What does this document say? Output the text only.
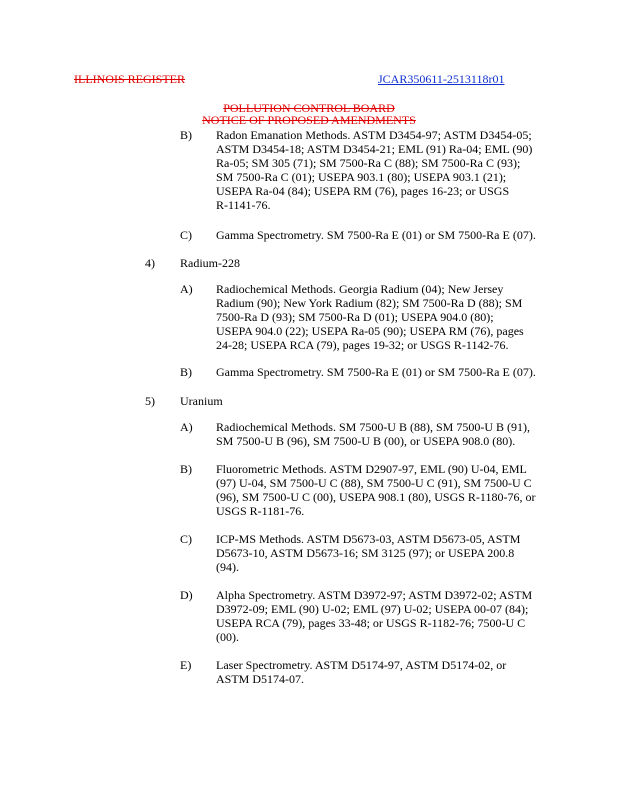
ILLINOIS REGISTER	JCAR350611-2513118r01
POLLUTION CONTROL BOARD
NOTICE OF PROPOSED AMENDMENTS
B) Radon Emanation Methods. ASTM D3454-97; ASTM D3454-05;
ASTM D3454-18; ASTM D3454-21; EML (91) Ra-04; EML (90)
Ra-05; SM 305 (71); SM 7500-Ra C (88); SM 7500-Ra C (93);
SM 7500-Ra C (01); USEPA 903.1 (80); USEPA 903.1 (21);
USEPA Ra-04 (84); USEPA RM (76), pages 16-23; or USGS
R-1141-76.
C) Gamma Spectrometry. SM 7500-Ra E (01) or SM 7500-Ra E (07).
4) Radium-228
A) Radiochemical Methods. Georgia Radium (04); New Jersey
Radium (90); New York Radium (82); SM 7500-Ra D (88); SM
7500-Ra D (93); SM 7500-Ra D (01); USEPA 904.0 (80);
USEPA 904.0 (22); USEPA Ra-05 (90); USEPA RM (76), pages
24-28; USEPA RCA (79), pages 19-32; or USGS R-1142-76.
B) Gamma Spectrometry. SM 7500-Ra E (01) or SM 7500-Ra E (07).
5) Uranium
A) Radiochemical Methods. SM 7500-U B (88), SM 7500-U B (91),
SM 7500-U B (96), SM 7500-U B (00), or USEPA 908.0 (80).
B) Fluorometric Methods. ASTM D2907-97, EML (90) U-04, EML
(97) U-04, SM 7500-U C (88), SM 7500-U C (91), SM 7500-U C
(96), SM 7500-U C (00), USEPA 908.1 (80), USGS R-1180-76, or
USGS R-1181-76.
C) ICP-MS Methods. ASTM D5673-03, ASTM D5673-05, ASTM
D5673-10, ASTM D5673-16; SM 3125 (97); or USEPA 200.8
(94).
D) Alpha Spectrometry. ASTM D3972-97; ASTM D3972-02; ASTM
D3972-09; EML (90) U-02; EML (97) U-02; USEPA 00-07 (84);
USEPA RCA (79), pages 33-48; or USGS R-1182-76; 7500-U C
(00).
E) Laser Spectrometry. ASTM D5174-97, ASTM D5174-02, or
ASTM D5174-07.
